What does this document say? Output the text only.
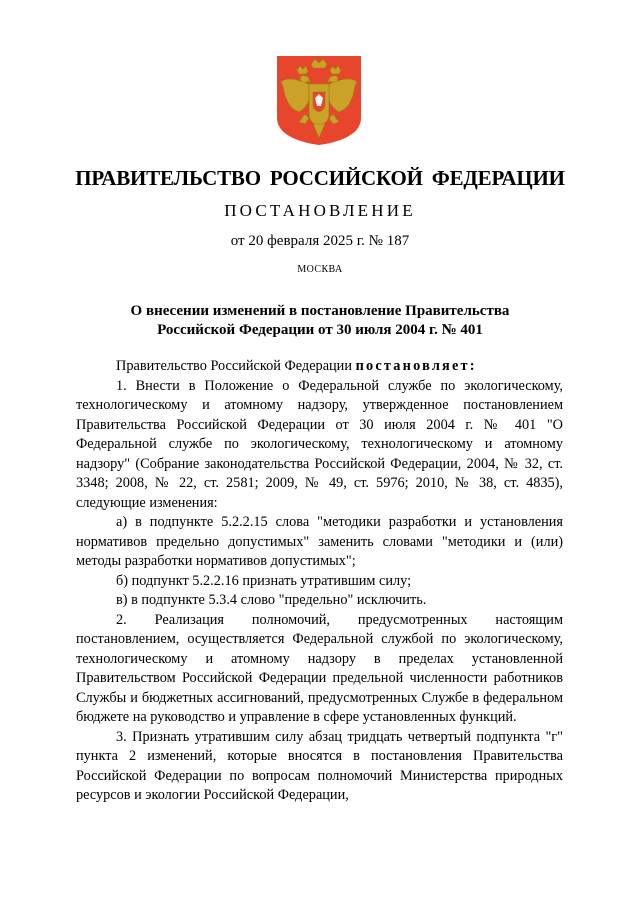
ПРАВИТЕЛЬСТВО РОССИЙСКОЙ ФЕДЕРАЦИИ
ПОСТАНОВЛЕНИЕ
от 20 февраля 2025 г. № 187
МОСКВА
О внесении изменений в постановление Правительства
Российской Федерации от 30 июля 2004 г. № 401

Правительство Российской Федерации постановляет:

1. Внести в Положение о Федеральной службе по экологическому, технологическому и атомному надзору, утвержденное постановлением Правительства Российской Федерации от 30 июля 2004 г. № 401 "О Федеральной службе по экологическому, технологическому и атомному надзору" (Собрание законодательства Российской Федерации, 2004, № 32, ст. 3348; 2008, № 22, ст. 2581; 2009, № 49, ст. 5976; 2010, № 38, ст. 4835), следующие изменения:

а) в подпункте 5.2.2.15 слова "методики разработки и установления нормативов предельно допустимых" заменить словами "методики и (или) методы разработки нормативов допустимых";

б) подпункт 5.2.2.16 признать утратившим силу;

в) в подпункте 5.3.4 слово "предельно" исключить.

2. Реализация полномочий, предусмотренных настоящим постановлением, осуществляется Федеральной службой по экологическому, технологическому и атомному надзору в пределах установленной Правительством Российской Федерации предельной численности работников Службы и бюджетных ассигнований, предусмотренных Службе в федеральном бюджете на руководство и управление в сфере установленных функций.

3. Признать утратившим силу абзац тридцать четвертый подпункта "г" пункта 2 изменений, которые вносятся в постановления Правительства Российской Федерации по вопросам полномочий Министерства природных ресурсов и экологии Российской Федерации,
